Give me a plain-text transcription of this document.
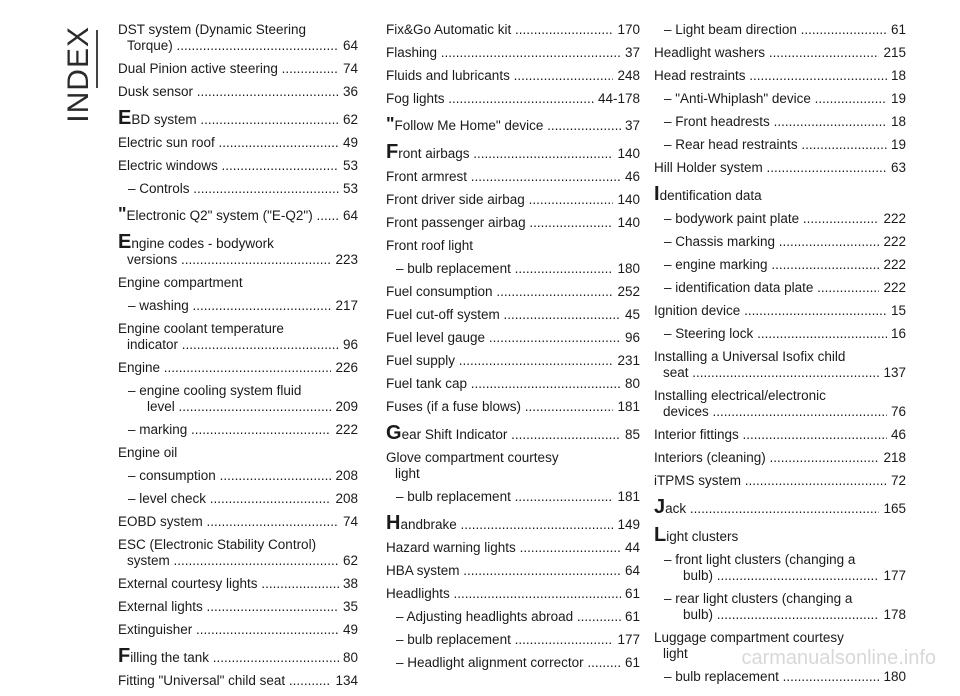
INDEX DST system (Dynamic Steering
Torque) .....	64
Dual Pinion active steering .....	74
Dusk sensor .....	36
EBD system .....	62
Electric sun roof .....	49
Electric windows .....	53
– Controls .....	53
"Electronic Q2" system ("E-Q2") .....	64
Engine codes - bodywork
versions .....	223
Engine compartment
– washing .....	217
Engine coolant temperature
indicator .....	96
Engine .....	226
– engine cooling system fluid
level .....	209
– marking .....	222
Engine oil
– consumption .....	208
– level check .....	208
EOBD system .....	74
ESC (Electronic Stability Control)
system .....	62
External courtesy lights .....	38
External lights .....	35
Extinguisher .....	49
Filling the tank .....	80
Fitting "Universal" child seat .....	134
Fix&Go Automatic kit .....	170
Flashing .....	37
Fluids and lubricants .....	248
Fog lights .....	44-178
"Follow Me Home" device .....	37
Front airbags .....	140
Front armrest .....	46
Front driver side airbag .....	140
Front passenger airbag .....	140
Front roof light
– bulb replacement .....	180
Fuel consumption .....	252
Fuel cut-off system .....	45
Fuel level gauge .....	96
Fuel supply .....	231
Fuel tank cap .....	80
Fuses (if a fuse blows) .....	181
Gear Shift Indicator .....	85
Glove compartment courtesy
light
– bulb replacement .....	181
Handbrake .....	149
Hazard warning lights .....	44
HBA system .....	64
Headlights .....	61
– Adjusting headlights abroad .....	61
– bulb replacement .....	177
– Headlight alignment corrector .....	61
– Light beam direction .....	61
Headlight washers .....	215
Head restraints .....	18
– "Anti-Whiplash" device .....	19
– Front headrests .....	18
– Rear head restraints .....	19
Hill Holder system .....	63
Identification data
– bodywork paint plate .....	222
– Chassis marking .....	222
– engine marking .....	222
– identification data plate .....	222
Ignition device .....	15
– Steering lock .....	16
Installing a Universal Isofix child
seat .....	137
Installing electrical/electronic
devices .....	76
Interior fittings .....	46
Interiors (cleaning) .....	218
iTPMS system .....	72
Jack .....	165
Light clusters
– front light clusters (changing a
bulb) .....	177
– rear light clusters (changing a
bulb) .....	178
Luggage compartment courtesy
light
– bulb replacement .....	180
carmanualsonline.info
